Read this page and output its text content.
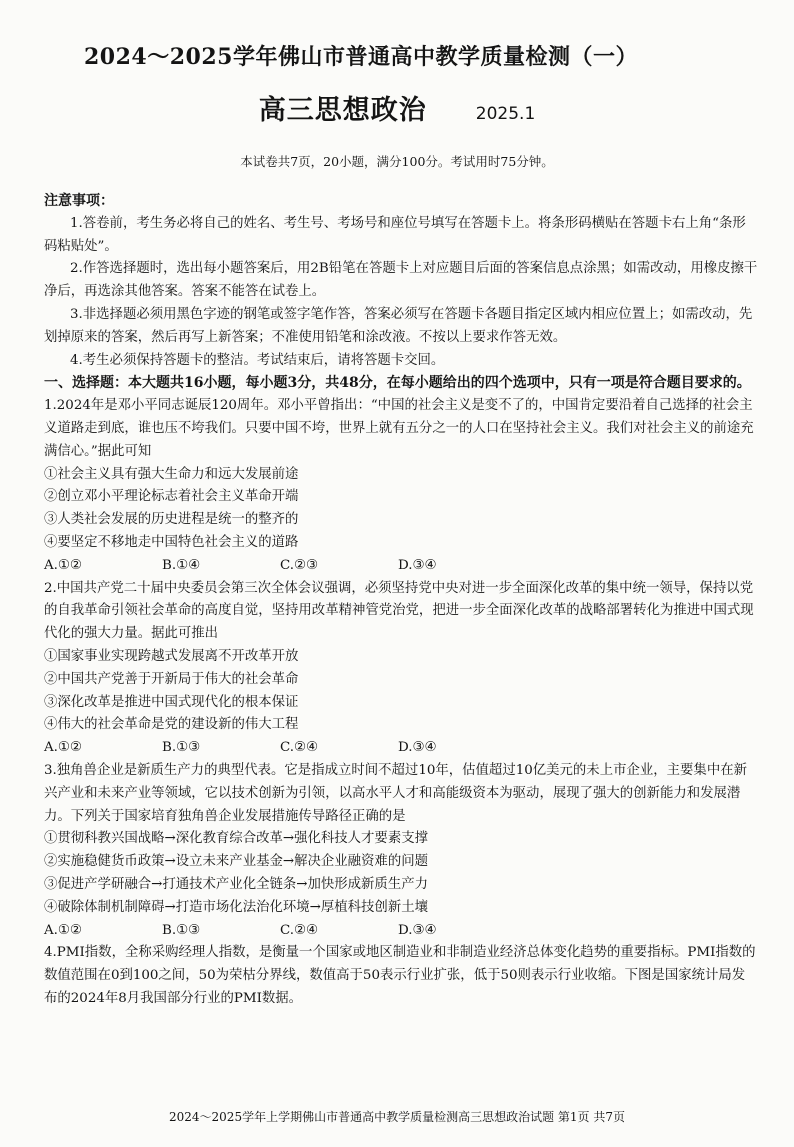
2024～2025学年佛山市普通高中教学质量检测（一）
高三思想政治	2025.1
本试卷共7页，20小题，满分100分。考试用时75分钟。

注意事项：

1.答卷前，考生务必将自己的姓名、考生号、考场号和座位号填写在答题卡上。将条形码横贴在答题卡右上角“条形码粘贴处”。

2.作答选择题时，选出每小题答案后，用2B铅笔在答题卡上对应题目后面的答案信息点涂黑；如需改动，用橡皮擦干净后，再选涂其他答案。答案不能答在试卷上。

3.非选择题必须用黑色字迹的钢笔或签字笔作答，答案必须写在答题卡各题目指定区域内相应位置上；如需改动，先划掉原来的答案，然后再写上新答案；不准使用铅笔和涂改液。不按以上要求作答无效。

4.考生必须保持答题卡的整洁。考试结束后，请将答题卡交回。

一、选择题：本大题共16小题，每小题3分，共48分，在每小题给出的四个选项中，只有一项是符合题目要求的。

1.2024年是邓小平同志诞辰120周年。邓小平曾指出：“中国的社会主义是变不了的，中国肯定要沿着自己选择的社会主义道路走到底，谁也压不垮我们。只要中国不垮，世界上就有五分之一的人口在坚持社会主义。我们对社会主义的前途充满信心。”据此可知

①社会主义具有强大生命力和远大发展前途

②创立邓小平理论标志着社会主义革命开端

③人类社会发展的历史进程是统一的整齐的

④要坚定不移地走中国特色社会主义的道路

A.①②	B.①④	C.②③	D.③④

2.中国共产党二十届中央委员会第三次全体会议强调，必须坚持党中央对进一步全面深化改革的集中统一领导，保持以党的自我革命引领社会革命的高度自觉，坚持用改革精神管党治党，把进一步全面深化改革的战略部署转化为推进中国式现代化的强大力量。据此可推出

①国家事业实现跨越式发展离不开改革开放

②中国共产党善于开新局于伟大的社会革命

③深化改革是推进中国式现代化的根本保证

④伟大的社会革命是党的建设新的伟大工程

A.①②	B.①③	C.②④	D.③④

3.独角兽企业是新质生产力的典型代表。它是指成立时间不超过10年，估值超过10亿美元的未上市企业，主要集中在新兴产业和未来产业等领域，它以技术创新为引领，以高水平人才和高能级资本为驱动，展现了强大的创新能力和发展潜力。下列关于国家培育独角兽企业发展措施传导路径正确的是

①贯彻科教兴国战略→深化教育综合改革→强化科技人才要素支撑

②实施稳健货币政策→设立未来产业基金→解决企业融资难的问题

③促进产学研融合→打通技术产业化全链条→加快形成新质生产力

④破除体制机制障碍→打造市场化法治化环境→厚植科技创新土壤

A.①②	B.①③	C.②④	D.③④

4.PMI指数，全称采购经理人指数，是衡量一个国家或地区制造业和非制造业经济总体变化趋势的重要指标。PMI指数的数值范围在0到100之间，50为荣枯分界线，数值高于50表示行业扩张，低于50则表示行业收缩。下图是国家统计局发布的2024年8月我国部分行业的PMI数据。

2024～2025学年上学期佛山市普通高中教学质量检测高三思想政治试题 第1页 共7页
